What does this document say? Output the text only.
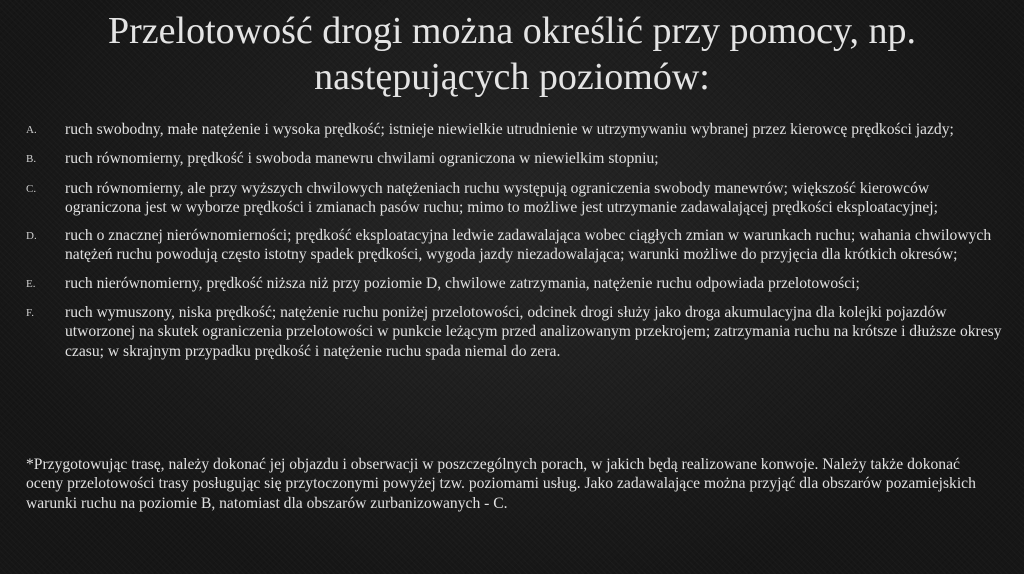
Przelotowość drogi można określić przy pomocy, np.
następujących poziomów:
A.	ruch swobodny, małe natężenie i wysoka prędkość; istnieje niewielkie utrudnienie w utrzymywaniu wybranej przez kierowcę prędkości jazdy;
B.	ruch równomierny, prędkość i swoboda manewru chwilami ograniczona w niewielkim stopniu;
C.	ruch równomierny, ale przy wyższych chwilowych natężeniach ruchu występują ograniczenia swobody manewrów; większość kierowców ograniczona jest w wyborze prędkości i zmianach pasów ruchu; mimo to możliwe jest utrzymanie zadawalającej prędkości eksploatacyjnej;
D.	ruch o znacznej nierównomierności; prędkość eksploatacyjna ledwie zadawalająca wobec ciągłych zmian w warunkach ruchu; wahania chwilowych natężeń ruchu powodują często istotny spadek prędkości, wygoda jazdy niezadowalająca; warunki możliwe do przyjęcia dla krótkich okresów;
E.	ruch nierównomierny, prędkość niższa niż przy poziomie D, chwilowe zatrzymania, natężenie ruchu odpowiada przelotowości;
F.	ruch wymuszony, niska prędkość; natężenie ruchu poniżej przelotowości, odcinek drogi służy jako droga akumulacyjna dla kolejki pojazdów utworzonej na skutek ograniczenia przelotowości w punkcie leżącym przed analizowanym przekrojem; zatrzymania ruchu na krótsze i dłuższe okresy czasu; w skrajnym przypadku prędkość i natężenie ruchu spada niemal do zera.

*Przygotowując trasę, należy dokonać jej objazdu i obserwacji w poszczególnych porach, w jakich będą realizowane konwoje. Należy także dokonać oceny przelotowości trasy posługując się przytoczonymi powyżej tzw. poziomami usług. Jako zadawalające można przyjąć dla obszarów pozamiejskich warunki ruchu na poziomie B, natomiast dla obszarów zurbanizowanych - C.
